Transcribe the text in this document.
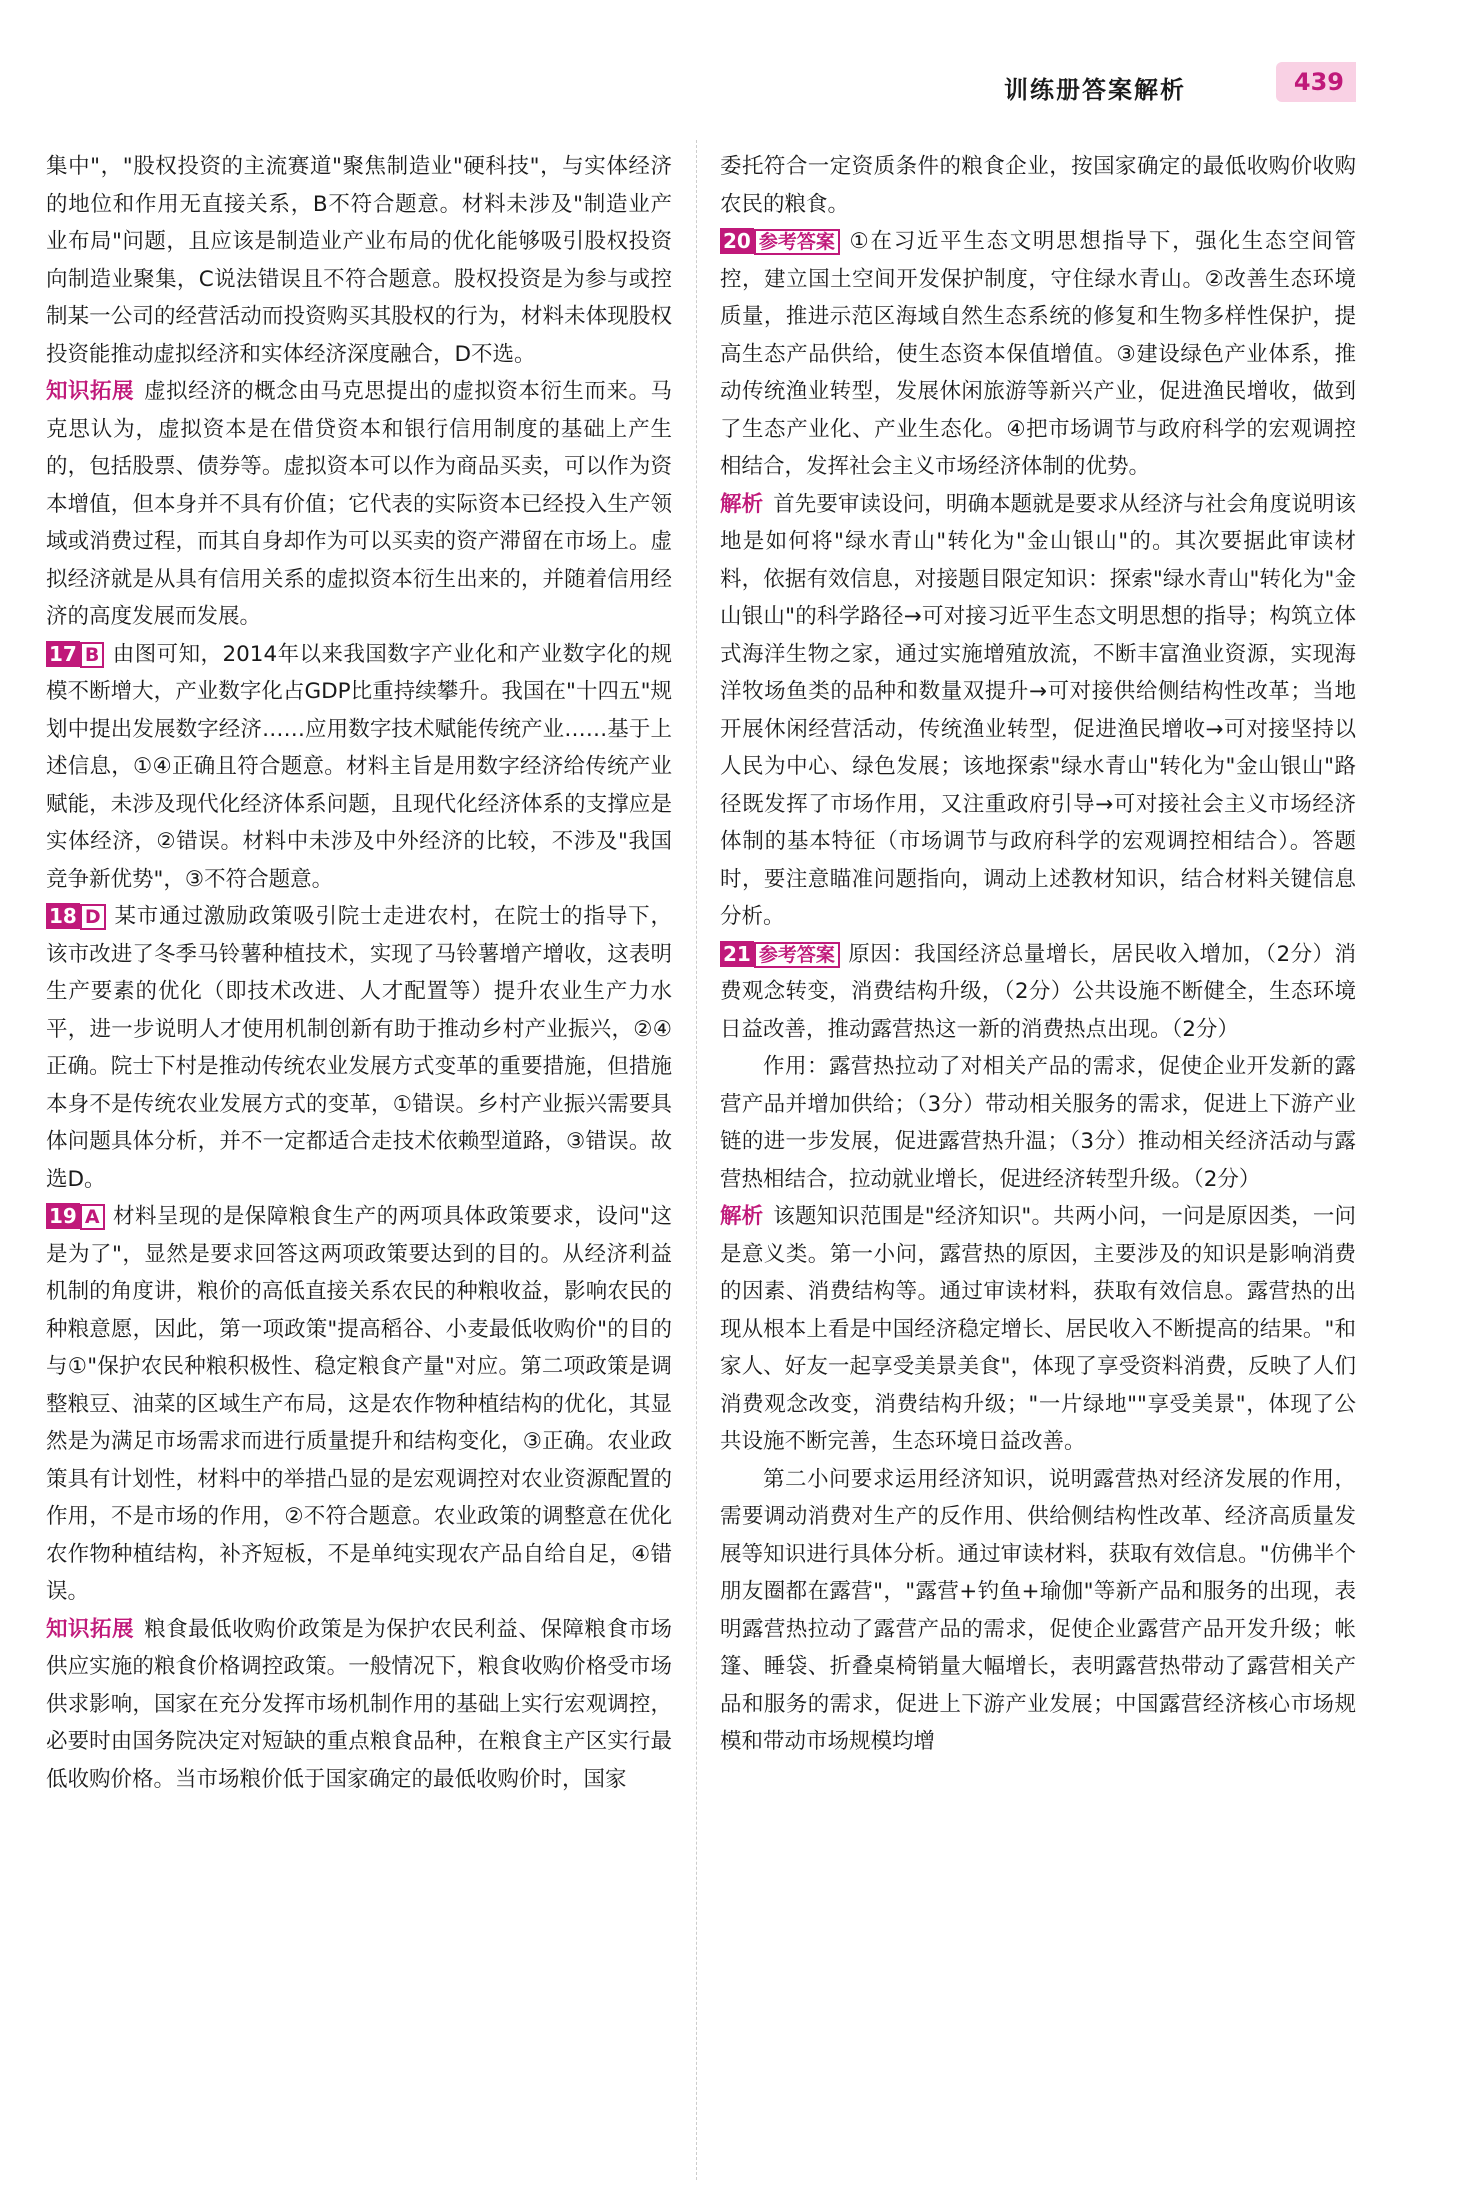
训练册答案解析	439

集中"，"股权投资的主流赛道"聚焦制造业"硬科技"，与实体经济的地位和作用无直接关系，B不符合题意。材料未涉及"制造业产业布局"问题，且应该是制造业产业布局的优化能够吸引股权投资向制造业聚集，C说法错误且不符合题意。股权投资是为参与或控制某一公司的经营活动而投资购买其股权的行为，材料未体现股权投资能推动虚拟经济和实体经济深度融合，D不选。

知识拓展 虚拟经济的概念由马克思提出的虚拟资本衍生而来。马克思认为，虚拟资本是在借贷资本和银行信用制度的基础上产生的，包括股票、债券等。虚拟资本可以作为商品买卖，可以作为资本增值，但本身并不具有价值；它代表的实际资本已经投入生产领域或消费过程，而其自身却作为可以买卖的资产滞留在市场上。虚拟经济就是从具有信用关系的虚拟资本衍生出来的，并随着信用经济的高度发展而发展。

17 B 由图可知，2014年以来我国数字产业化和产业数字化的规模不断增大，产业数字化占GDP比重持续攀升。我国在"十四五"规划中提出发展数字经济……应用数字技术赋能传统产业……基于上述信息，①④正确且符合题意。材料主旨是用数字经济给传统产业赋能，未涉及现代化经济体系问题，且现代化经济体系的支撑应是实体经济，②错误。材料中未涉及中外经济的比较，不涉及"我国竞争新优势"，③不符合题意。

18 D 某市通过激励政策吸引院士走进农村，在院士的指导下，该市改进了冬季马铃薯种植技术，实现了马铃薯增产增收，这表明生产要素的优化（即技术改进、人才配置等）提升农业生产力水平，进一步说明人才使用机制创新有助于推动乡村产业振兴，②④正确。院士下村是推动传统农业发展方式变革的重要措施，但措施本身不是传统农业发展方式的变革，①错误。乡村产业振兴需要具体问题具体分析，并不一定都适合走技术依赖型道路，③错误。故选D。

19 A 材料呈现的是保障粮食生产的两项具体政策要求，设问"这是为了"，显然是要求回答这两项政策要达到的目的。从经济利益机制的角度讲，粮价的高低直接关系农民的种粮收益，影响农民的种粮意愿，因此，第一项政策"提高稻谷、小麦最低收购价"的目的与①"保护农民种粮积极性、稳定粮食产量"对应。第二项政策是调整粮豆、油菜的区域生产布局，这是农作物种植结构的优化，其显然是为满足市场需求而进行质量提升和结构变化，③正确。农业政策具有计划性，材料中的举措凸显的是宏观调控对农业资源配置的作用，不是市场的作用，②不符合题意。农业政策的调整意在优化农作物种植结构，补齐短板，不是单纯实现农产品自给自足，④错误。

知识拓展 粮食最低收购价政策是为保护农民利益、保障粮食市场供应实施的粮食价格调控政策。一般情况下，粮食收购价格受市场供求影响，国家在充分发挥市场机制作用的基础上实行宏观调控，必要时由国务院决定对短缺的重点粮食品种，在粮食主产区实行最低收购价格。当市场粮价低于国家确定的最低收购价时，国家

委托符合一定资质条件的粮食企业，按国家确定的最低收购价收购农民的粮食。

20 参考答案 ①在习近平生态文明思想指导下，强化生态空间管控，建立国土空间开发保护制度，守住绿水青山。②改善生态环境质量，推进示范区海域自然生态系统的修复和生物多样性保护，提高生态产品供给，使生态资本保值增值。③建设绿色产业体系，推动传统渔业转型，发展休闲旅游等新兴产业，促进渔民增收，做到了生态产业化、产业生态化。④把市场调节与政府科学的宏观调控相结合，发挥社会主义市场经济体制的优势。

解析 首先要审读设问，明确本题就是要求从经济与社会角度说明该地是如何将"绿水青山"转化为"金山银山"的。其次要据此审读材料，依据有效信息，对接题目限定知识：探索"绿水青山"转化为"金山银山"的科学路径→可对接习近平生态文明思想的指导；构筑立体式海洋生物之家，通过实施增殖放流，不断丰富渔业资源，实现海洋牧场鱼类的品种和数量双提升→可对接供给侧结构性改革；当地开展休闲经营活动，传统渔业转型，促进渔民增收→可对接坚持以人民为中心、绿色发展；该地探索"绿水青山"转化为"金山银山"路径既发挥了市场作用，又注重政府引导→可对接社会主义市场经济体制的基本特征（市场调节与政府科学的宏观调控相结合）。答题时，要注意瞄准问题指向，调动上述教材知识，结合材料关键信息分析。

21 参考答案 原因：我国经济总量增长，居民收入增加，（2分）消费观念转变，消费结构升级，（2分）公共设施不断健全，生态环境日益改善，推动露营热这一新的消费热点出现。（2分）

作用：露营热拉动了对相关产品的需求，促使企业开发新的露营产品并增加供给；（3分）带动相关服务的需求，促进上下游产业链的进一步发展，促进露营热升温；（3分）推动相关经济活动与露营热相结合，拉动就业增长，促进经济转型升级。（2分）

解析 该题知识范围是"经济知识"。共两小问，一问是原因类，一问是意义类。第一小问，露营热的原因，主要涉及的知识是影响消费的因素、消费结构等。通过审读材料，获取有效信息。露营热的出现从根本上看是中国经济稳定增长、居民收入不断提高的结果。"和家人、好友一起享受美景美食"，体现了享受资料消费，反映了人们消费观念改变，消费结构升级；"一片绿地""享受美景"，体现了公共设施不断完善，生态环境日益改善。

第二小问要求运用经济知识，说明露营热对经济发展的作用，需要调动消费对生产的反作用、供给侧结构性改革、经济高质量发展等知识进行具体分析。通过审读材料，获取有效信息。"仿佛半个朋友圈都在露营"，"露营+钓鱼+瑜伽"等新产品和服务的出现，表明露营热拉动了露营产品的需求，促使企业露营产品开发升级；帐篷、睡袋、折叠桌椅销量大幅增长，表明露营热带动了露营相关产品和服务的需求，促进上下游产业发展；中国露营经济核心市场规模和带动市场规模均增
